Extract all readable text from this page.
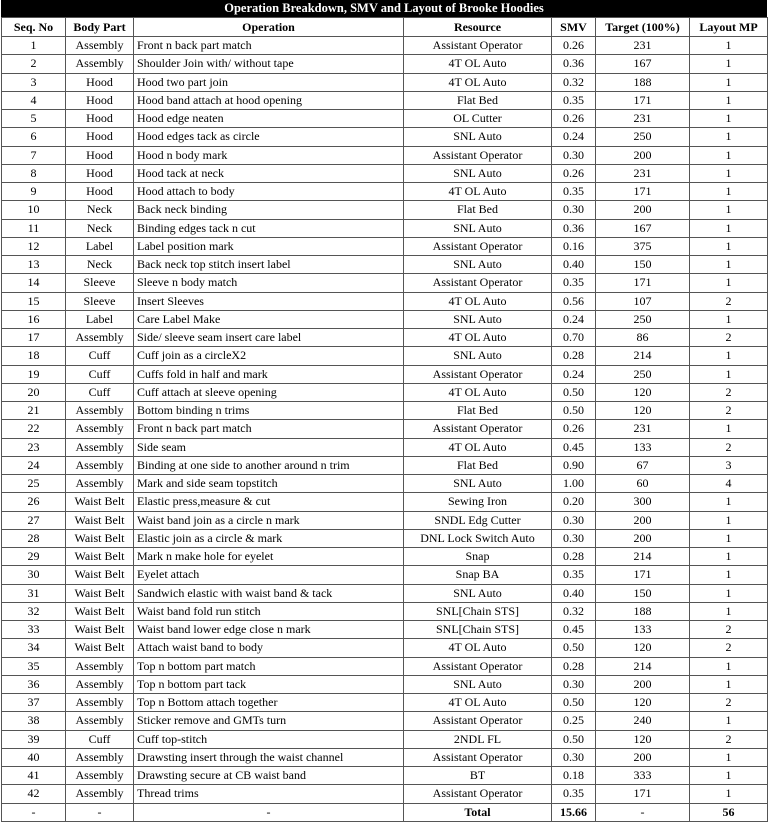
Operation Breakdown, SMV and Layout of Brooke Hoodies
Seq. No	Body Part	Operation	Resource	SMV	Target (100%)	Layout MP
1	Assembly	Front n back part match	Assistant Operator	0.26	231	1
2	Assembly	Shoulder Join with/ without tape	4T OL Auto	0.36	167	1
3	Hood	Hood two part join	4T OL Auto	0.32	188	1
4	Hood	Hood band attach at hood opening	Flat Bed	0.35	171	1
5	Hood	Hood edge neaten	OL Cutter	0.26	231	1
6	Hood	Hood edges tack as circle	SNL Auto	0.24	250	1
7	Hood	Hood n body mark	Assistant Operator	0.30	200	1
8	Hood	Hood tack at neck	SNL Auto	0.26	231	1
9	Hood	Hood attach to body	4T OL Auto	0.35	171	1
10	Neck	Back neck binding	Flat Bed	0.30	200	1
11	Neck	Binding edges tack n cut	SNL Auto	0.36	167	1
12	Label	Label position mark	Assistant Operator	0.16	375	1
13	Neck	Back neck top stitch insert label	SNL Auto	0.40	150	1
14	Sleeve	Sleeve n body match	Assistant Operator	0.35	171	1
15	Sleeve	Insert Sleeves	4T OL Auto	0.56	107	2
16	Label	Care Label Make	SNL Auto	0.24	250	1
17	Assembly	Side/ sleeve seam insert care label	4T OL Auto	0.70	86	2
18	Cuff	Cuff join as a circleX2	SNL Auto	0.28	214	1
19	Cuff	Cuffs fold in half and mark	Assistant Operator	0.24	250	1
20	Cuff	Cuff attach at sleeve opening	4T OL Auto	0.50	120	2
21	Assembly	Bottom binding n trims	Flat Bed	0.50	120	2
22	Assembly	Front n back part match	Assistant Operator	0.26	231	1
23	Assembly	Side seam	4T OL Auto	0.45	133	2
24	Assembly	Binding at one side to another around n trim	Flat Bed	0.90	67	3
25	Assembly	Mark and side seam topstitch	SNL Auto	1.00	60	4
26	Waist Belt	Elastic press,measure & cut	Sewing Iron	0.20	300	1
27	Waist Belt	Waist band join as a circle n mark	SNDL Edg Cutter	0.30	200	1
28	Waist Belt	Elastic join as a circle & mark	DNL Lock Switch Auto	0.30	200	1
29	Waist Belt	Mark n make hole for eyelet	Snap	0.28	214	1
30	Waist Belt	Eyelet attach	Snap BA	0.35	171	1
31	Waist Belt	Sandwich elastic with waist band & tack	SNL Auto	0.40	150	1
32	Waist Belt	Waist band fold run stitch	SNL[Chain STS]	0.32	188	1
33	Waist Belt	Waist band lower edge close n mark	SNL[Chain STS]	0.45	133	2
34	Waist Belt	Attach waist band to body	4T OL Auto	0.50	120	2
35	Assembly	Top n bottom part match	Assistant Operator	0.28	214	1
36	Assembly	Top n bottom part tack	SNL Auto	0.30	200	1
37	Assembly	Top n Bottom attach together	4T OL Auto	0.50	120	2
38	Assembly	Sticker remove and GMTs turn	Assistant Operator	0.25	240	1
39	Cuff	Cuff top-stitch	2NDL FL	0.50	120	2
40	Assembly	Drawsting insert through the waist channel	Assistant Operator	0.30	200	1
41	Assembly	Drawsting secure at CB waist band	BT	0.18	333	1
42	Assembly	Thread trims	Assistant Operator	0.35	171	1
-	-	-	Total	15.66	-	56
